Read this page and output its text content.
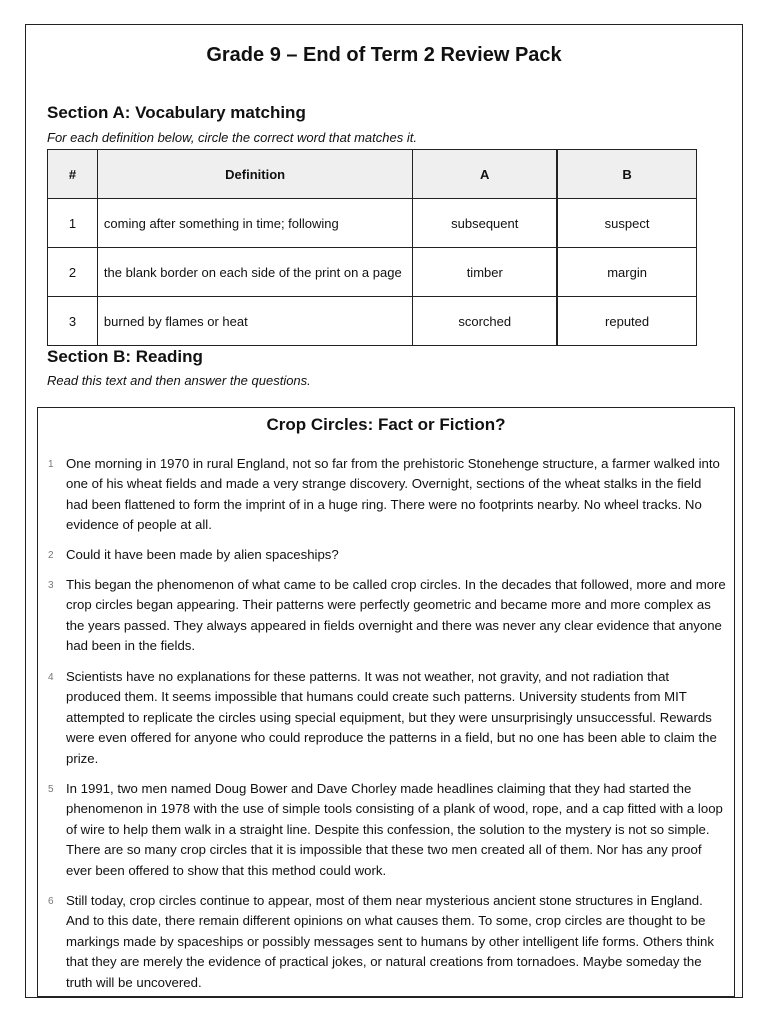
Grade 9 – End of Term 2 Review Pack
Section A: Vocabulary matching
For each definition below, circle the correct word that matches it.
#	Definition	A	B
1	coming after something in time; following	subsequent	suspect
2	the blank border on each side of the print on a page	timber	margin
3	burned by flames or heat	scorched	reputed
Section B: Reading
Read this text and then answer the questions.
Crop Circles: Fact or Fiction?
1 One morning in 1970 in rural England, not so far from the prehistoric Stonehenge structure, a farmer walked into one of his wheat fields and made a very strange discovery. Overnight, sections of the wheat stalks in the field had been flattened to form the imprint of in a huge ring. There were no footprints nearby. No wheel tracks. No evidence of people at all.
2 Could it have been made by alien spaceships?
3 This began the phenomenon of what came to be called crop circles. In the decades that followed, more and more crop circles began appearing. Their patterns were perfectly geometric and became more and more complex as the years passed. They always appeared in fields overnight and there was never any clear evidence that anyone had been in the fields.
4 Scientists have no explanations for these patterns. It was not weather, not gravity, and not radiation that produced them. It seems impossible that humans could create such patterns. University students from MIT attempted to replicate the circles using special equipment, but they were unsurprisingly unsuccessful. Rewards were even offered for anyone who could reproduce the patterns in a field, but no one has been able to claim the prize.
5 In 1991, two men named Doug Bower and Dave Chorley made headlines claiming that they had started the phenomenon in 1978 with the use of simple tools consisting of a plank of wood, rope, and a cap fitted with a loop of wire to help them walk in a straight line. Despite this confession, the solution to the mystery is not so simple. There are so many crop circles that it is impossible that these two men created all of them. Nor has any proof ever been offered to show that this method could work.
6 Still today, crop circles continue to appear, most of them near mysterious ancient stone structures in England. And to this date, there remain different opinions on what causes them. To some, crop circles are thought to be markings made by spaceships or possibly messages sent to humans by other intelligent life forms. Others think that they are merely the evidence of practical jokes, or natural creations from tornadoes. Maybe someday the truth will be uncovered.
